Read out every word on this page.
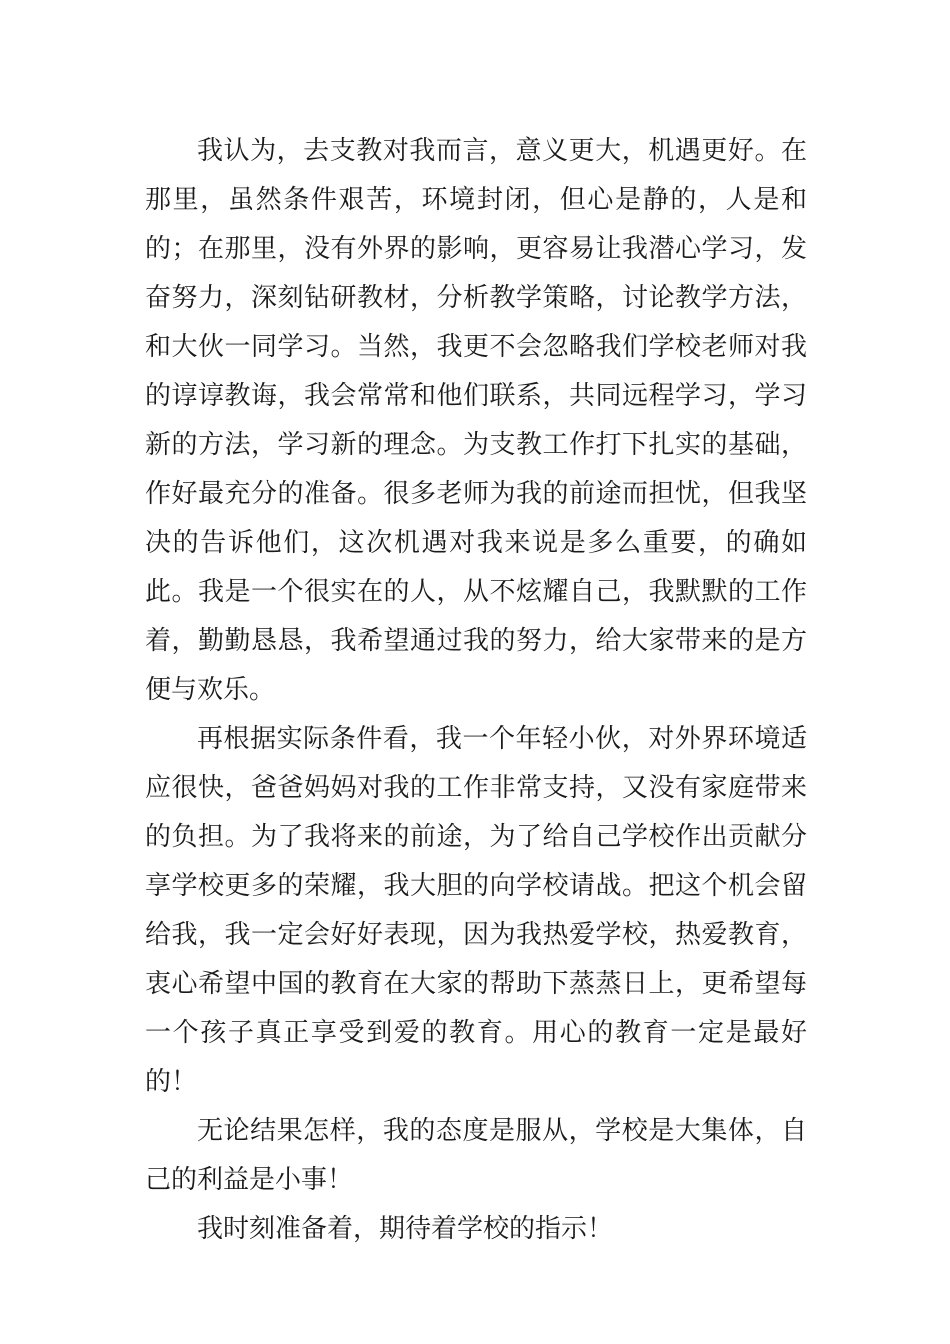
我认为，去支教对我而言，意义更大，机遇更好。在那里，虽然条件艰苦，环境封闭，但心是静的，人是和的；在那里，没有外界的影响，更容易让我潜心学习，发奋努力，深刻钻研教材，分析教学策略，讨论教学方法，和大伙一同学习。当然，我更不会忽略我们学校老师对我的谆谆教诲，我会常常和他们联系，共同远程学习，学习新的方法，学习新的理念。为支教工作打下扎实的基础，作好最充分的准备。很多老师为我的前途而担忧，但我坚决的告诉他们，这次机遇对我来说是多么重要，的确如此。我是一个很实在的人，从不炫耀自己，我默默的工作着，勤勤恳恳，我希望通过我的努力，给大家带来的是方便与欢乐。

再根据实际条件看，我一个年轻小伙，对外界环境适应很快，爸爸妈妈对我的工作非常支持，又没有家庭带来的负担。为了我将来的前途，为了给自己学校作出贡献分享学校更多的荣耀，我大胆的向学校请战。把这个机会留给我，我一定会好好表现，因为我热爱学校，热爱教育，衷心希望中国的教育在大家的帮助下蒸蒸日上，更希望每一个孩子真正享受到爱的教育。用心的教育一定是最好的！

无论结果怎样，我的态度是服从，学校是大集体，自己的利益是小事！

我时刻准备着，期待着学校的指示！
